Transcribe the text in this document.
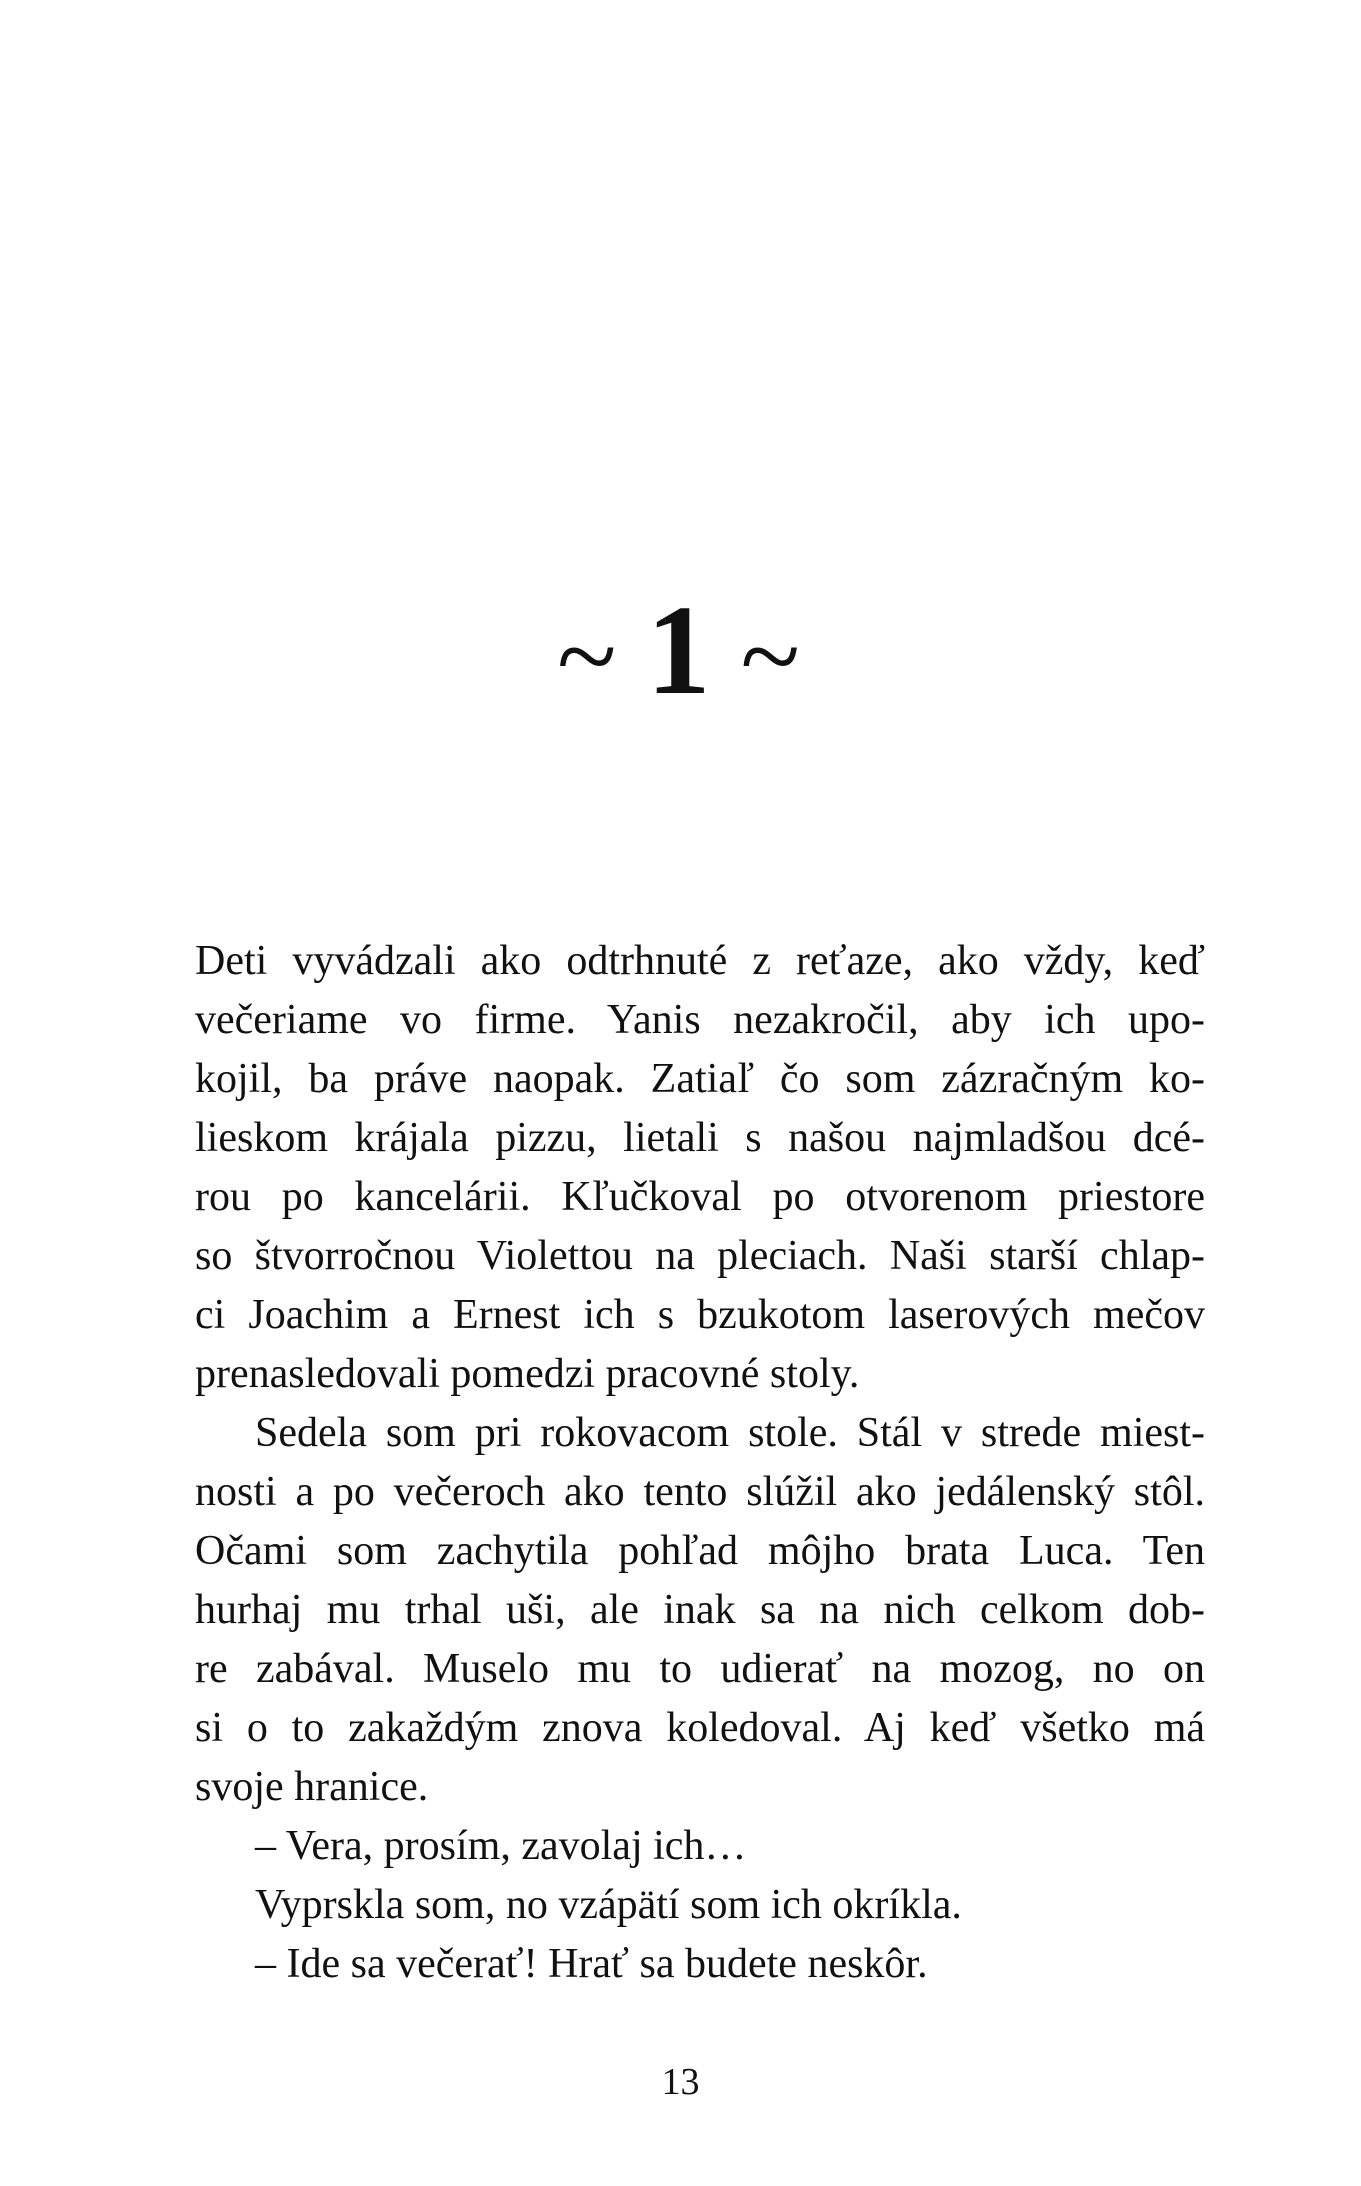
~ 1 ~
Deti vyvádzali ako odtrhnuté z reťaze, ako vždy, keď
večeriame vo firme. Yanis nezakročil, aby ich upo-
kojil, ba práve naopak. Zatiaľ čo som zázračným ko-
lieskom krájala pizzu, lietali s našou najmladšou dcé-
rou po kancelárii. Kľučkoval po otvorenom priestore
so štvorročnou Violettou na pleciach. Naši starší chlap-
ci Joachim a Ernest ich s bzukotom laserových mečov
prenasledovali pomedzi pracovné stoly.
Sedela som pri rokovacom stole. Stál v strede miest-
nosti a po večeroch ako tento slúžil ako jedálenský stôl.
Očami som zachytila pohľad môjho brata Luca. Ten
hurhaj mu trhal uši, ale inak sa na nich celkom dob-
re zabával. Muselo mu to udierať na mozog, no on
si o to zakaždým znova koledoval. Aj keď všetko má
svoje hranice.
– Vera, prosím, zavolaj ich…
Vyprskla som, no vzápätí som ich okríkla.
– Ide sa večerať! Hrať sa budete neskôr.
13
